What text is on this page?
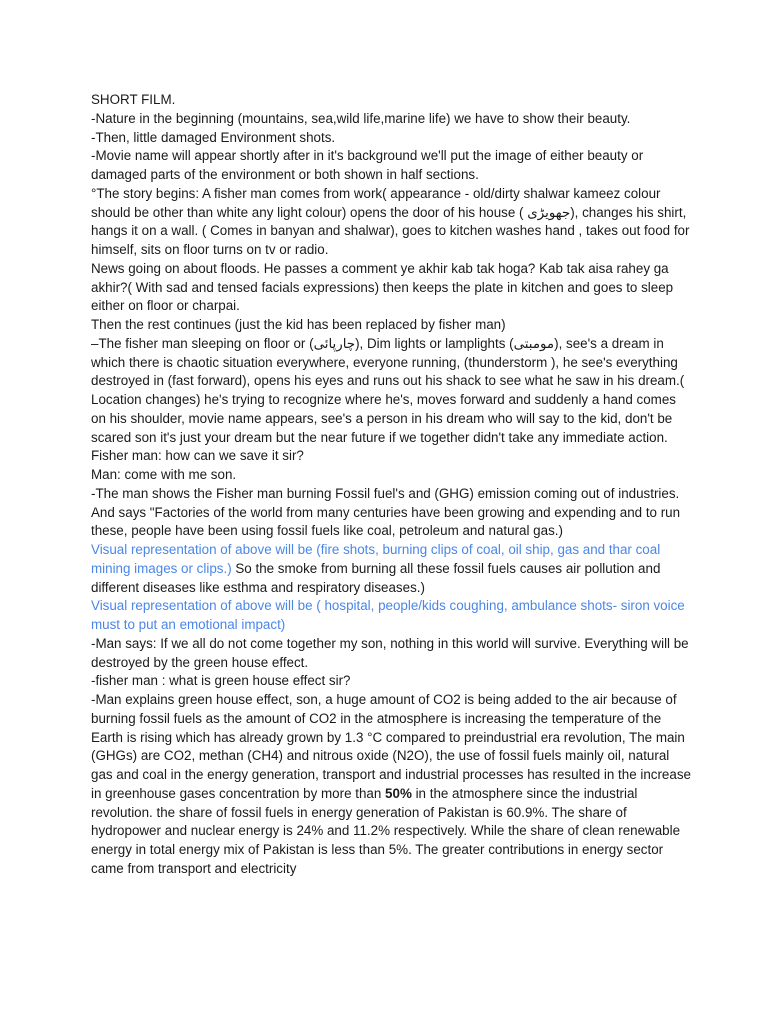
SHORT FILM.

-Nature in the beginning (mountains, sea,wild life,marine life) we have to show their beauty.

-Then, little damaged Environment shots.

-Movie name will appear shortly after in it's background we'll put the image of either beauty or damaged parts of the environment or both shown in half sections.

°The story begins: A fisher man comes from work( appearance - old/dirty shalwar kameez colour should be other than white any light colour) opens the door of his house ( جھویڑی), changes his shirt, hangs it on a wall. ( Comes in banyan and shalwar), goes to kitchen washes hand , takes out food for himself, sits on floor turns on tv or radio.

News going on about floods. He passes a comment ye akhir kab tak hoga? Kab tak aisa rahey ga akhir?( With sad and tensed facials expressions) then keeps the plate in kitchen and goes to sleep either on floor or charpai.

Then the rest continues (just the kid has been replaced by fisher man)

–The fisher man sleeping on floor or (چارپائی), Dim lights or lamplights (مومبتی), see's a dream in which there is chaotic situation everywhere, everyone running, (thunderstorm ), he see's everything destroyed in (fast forward), opens his eyes and runs out his shack to see what he saw in his dream.( Location changes) he's trying to recognize where he's, moves forward and suddenly a hand comes on his shoulder, movie name appears, see's a person in his dream who will say to the kid, don't be scared son it's just your dream but the near future if we together didn't take any immediate action.

Fisher man: how can we save it sir?

Man: come with me son.

-The man shows the Fisher man burning Fossil fuel's and (GHG) emission coming out of industries. And says "Factories of the world from many centuries have been growing and expending and to run these, people have been using fossil fuels like coal, petroleum and natural gas.)

Visual representation of above will be (fire shots, burning clips of coal, oil ship, gas and thar coal mining images or clips.) So the smoke from burning all these fossil fuels causes air pollution and different diseases like esthma and respiratory diseases.)

Visual representation of above will be ( hospital, people/kids coughing, ambulance shots- siron voice must to put an emotional impact)

-Man says: If we all do not come together my son, nothing in this world will survive. Everything will be destroyed by the green house effect.

-fisher man : what is green house effect sir?

-Man explains green house effect, son, a huge amount of CO2 is being added to the air because of burning fossil fuels as the amount of CO2 in the atmosphere is increasing the temperature of the Earth is rising which has already grown by 1.3 °C compared to preindustrial era revolution, The main (GHGs) are CO2, methan (CH4) and nitrous oxide (N2O), the use of fossil fuels mainly oil, natural gas and coal in the energy generation, transport and industrial processes has resulted in the increase in greenhouse gases concentration by more than 50% in the atmosphere since the industrial revolution. the share of fossil fuels in energy generation of Pakistan is 60.9%. The share of hydropower and nuclear energy is 24% and 11.2% respectively. While the share of clean renewable energy in total energy mix of Pakistan is less than 5%. The greater contributions in energy sector came from transport and electricity
